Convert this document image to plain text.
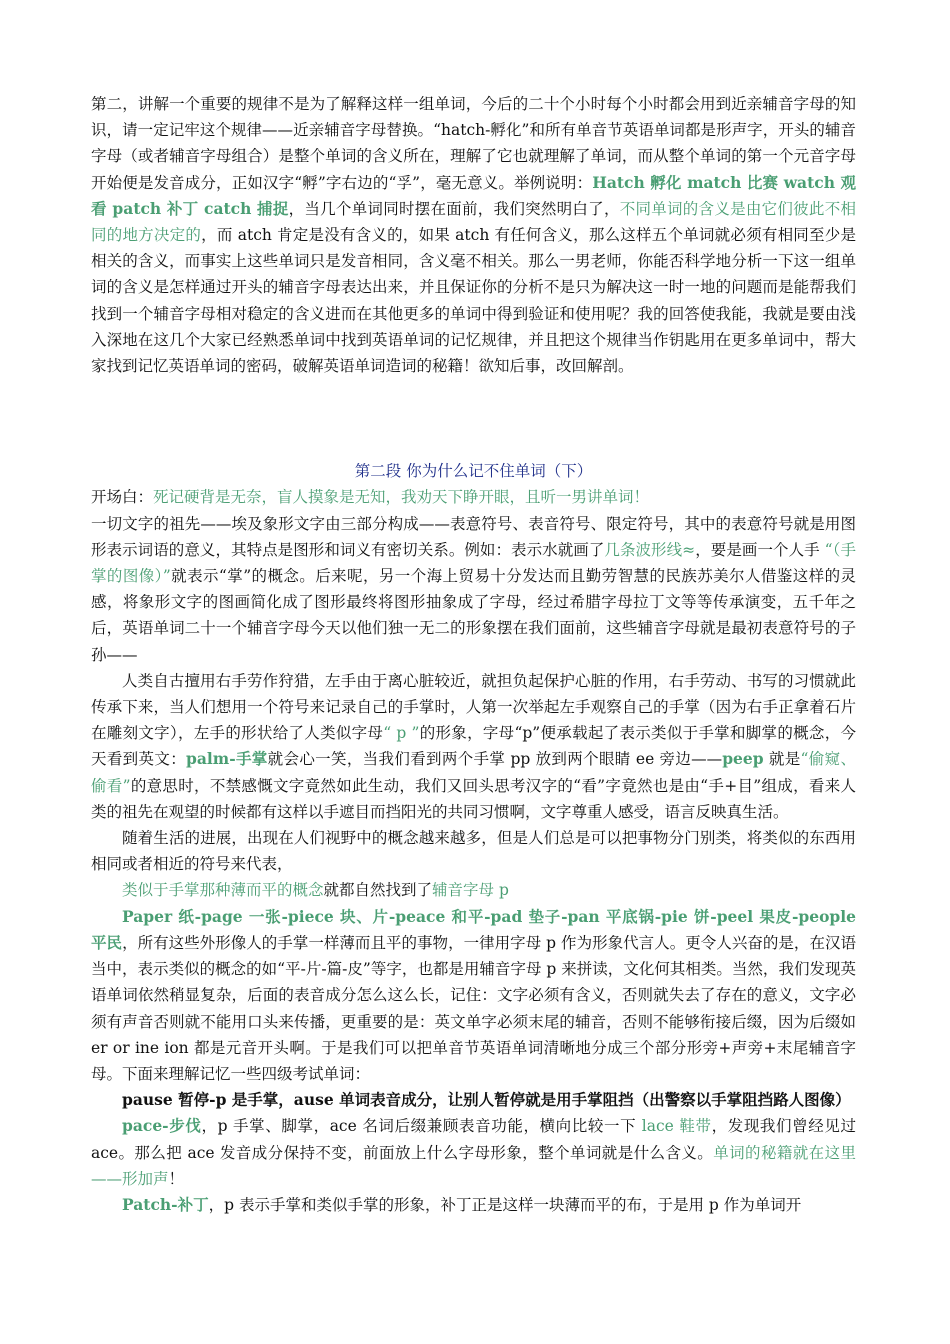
第二，讲解一个重要的规律不是为了解释这样一组单词，今后的二十个小时每个小时都会用到近亲辅音字母的知识，请一定记牢这个规律——近亲辅音字母替换。“hatch-孵化”和所有单音节英语单词都是形声字，开头的辅音字母（或者辅音字母组合）是整个单词的含义所在，理解了它也就理解了单词，而从整个单词的第一个元音字母开始便是发音成分，正如汉字“孵”字右边的“孚”，毫无意义。举例说明：Hatch 孵化 match 比赛 watch 观看 patch 补丁 catch 捕捉，当几个单词同时摆在面前，我们突然明白了，不同单词的含义是由它们彼此不相同的地方决定的，而 atch 肯定是没有含义的，如果 atch 有任何含义，那么这样五个单词就必须有相同至少是相关的含义，而事实上这些单词只是发音相同，含义毫不相关。那么一男老师，你能否科学地分析一下这一组单词的含义是怎样通过开头的辅音字母表达出来，并且保证你的分析不是只为解决这一时一地的问题而是能帮我们找到一个辅音字母相对稳定的含义进而在其他更多的单词中得到验证和使用呢？我的回答使我能，我就是要由浅入深地在这几个大家已经熟悉单词中找到英语单词的记忆规律，并且把这个规律当作钥匙用在更多单词中，帮大家找到记忆英语单词的密码，破解英语单词造词的秘籍！欲知后事，改回解剖。

第二段 你为什么记不住单词（下）

开场白：死记硬背是无奈，盲人摸象是无知，我劝天下睁开眼，且听一男讲单词！

一切文字的祖先——埃及象形文字由三部分构成——表意符号、表音符号、限定符号，其中的表意符号就是用图形表示词语的意义，其特点是图形和词义有密切关系。例如：表示水就画了几条波形线≈，要是画一个人手 “（手掌的图像）”就表示“掌”的概念。后来呢，另一个海上贸易十分发达而且勤劳智慧的民族苏美尔人借鉴这样的灵感，将象形文字的图画简化成了图形最终将图形抽象成了字母，经过希腊字母拉丁文等等传承演变，五千年之后，英语单词二十一个辅音字母今天以他们独一无二的形象摆在我们面前，这些辅音字母就是最初表意符号的子孙——

人类自古擅用右手劳作狩猎，左手由于离心脏较近，就担负起保护心脏的作用，右手劳动、书写的习惯就此传承下来，当人们想用一个符号来记录自己的手掌时，人第一次举起左手观察自己的手掌（因为右手正拿着石片在雕刻文字），左手的形状给了人类似字母“ p ”的形象，字母“p”便承载起了表示类似于手掌和脚掌的概念，今天看到英文：palm-手掌就会心一笑，当我们看到两个手掌 pp 放到两个眼睛 ee 旁边——peep 就是“偷窥、偷看”的意思时，不禁感慨文字竟然如此生动，我们又回头思考汉字的“看”字竟然也是由“手+目”组成，看来人类的祖先在观望的时候都有这样以手遮目而挡阳光的共同习惯啊，文字尊重人感受，语言反映真生活。

随着生活的进展，出现在人们视野中的概念越来越多，但是人们总是可以把事物分门别类，将类似的东西用相同或者相近的符号来代表，

类似于手掌那种薄而平的概念就都自然找到了辅音字母 p

Paper 纸-page 一张-piece 块、片-peace 和平-pad 垫子-pan 平底锅-pie 饼-peel 果皮-people 平民，所有这些外形像人的手掌一样薄而且平的事物，一律用字母 p 作为形象代言人。更令人兴奋的是，在汉语当中，表示类似的概念的如“平-片-篇-皮”等字，也都是用辅音字母 p 来拼读，文化何其相类。当然，我们发现英语单词依然稍显复杂，后面的表音成分怎么这么长，记住：文字必须有含义，否则就失去了存在的意义，文字必须有声音否则就不能用口头来传播，更重要的是：英文单字必须末尾的辅音，否则不能够衔接后缀，因为后缀如 er or ine ion 都是元音开头啊。于是我们可以把单音节英语单词清晰地分成三个部分形旁+声旁+末尾辅音字母。下面来理解记忆一些四级考试单词：

pause 暂停-p 是手掌，ause 单词表音成分，让别人暂停就是用手掌阻挡（出警察以手掌阻挡路人图像）

pace-步伐，p 手掌、脚掌，ace 名词后缀兼顾表音功能，横向比较一下 lace 鞋带，发现我们曾经见过 ace。那么把 ace 发音成分保持不变，前面放上什么字母形象，整个单词就是什么含义。单词的秘籍就在这里——形加声！

Patch-补丁，p 表示手掌和类似手掌的形象，补丁正是这样一块薄而平的布，于是用 p 作为单词开
